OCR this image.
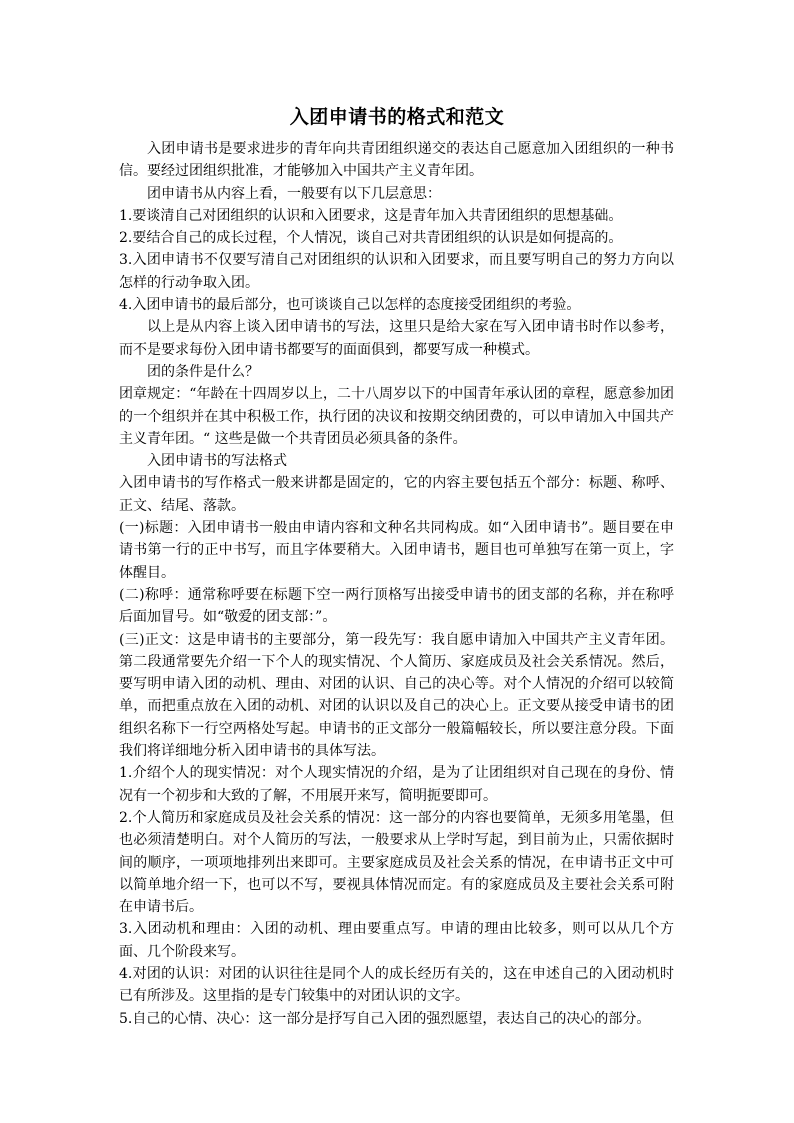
入团申请书的格式和范文

入团申请书是要求进步的青年向共青团组织递交的表达自己愿意加入团组织的一种书信。要经过团组织批准，才能够加入中国共产主义青年团。

团申请书从内容上看，一般要有以下几层意思：

1.要谈清自己对团组织的认识和入团要求，这是青年加入共青团组织的思想基础。

2.要结合自己的成长过程，个人情况，谈自己对共青团组织的认识是如何提高的。

3.入团申请书不仅要写清自己对团组织的认识和入团要求，而且要写明自己的努力方向以怎样的行动争取入团。

4.入团申请书的最后部分，也可谈谈自己以怎样的态度接受团组织的考验。

以上是从内容上谈入团申请书的写法，这里只是给大家在写入团申请书时作以参考，而不是要求每份入团申请书都要写的面面俱到，都要写成一种模式。

团的条件是什么？

团章规定：“年龄在十四周岁以上，二十八周岁以下的中国青年承认团的章程，愿意参加团的一个组织并在其中积极工作，执行团的决议和按期交纳团费的，可以申请加入中国共产主义青年团。“ 这些是做一个共青团员必须具备的条件。

入团申请书的写法格式

入团申请书的写作格式一般来讲都是固定的，它的内容主要包括五个部分：标题、称呼、正文、结尾、落款。

(一)标题：入团申请书一般由申请内容和文种名共同构成。如“入团申请书”。题目要在申请书第一行的正中书写，而且字体要稍大。入团申请书，题目也可单独写在第一页上，字体醒目。

(二)称呼：通常称呼要在标题下空一两行顶格写出接受申请书的团支部的名称，并在称呼后面加冒号。如“敬爱的团支部：”。

(三)正文：这是申请书的主要部分，第一段先写：我自愿申请加入中国共产主义青年团。第二段通常要先介绍一下个人的现实情况、个人简历、家庭成员及社会关系情况。然后，要写明申请入团的动机、理由、对团的认识、自己的决心等。对个人情况的介绍可以较简单，而把重点放在入团的动机、对团的认识以及自己的决心上。正文要从接受申请书的团组织名称下一行空两格处写起。申请书的正文部分一般篇幅较长，所以要注意分段。下面我们将详细地分析入团申请书的具体写法。

1.介绍个人的现实情况：对个人现实情况的介绍，是为了让团组织对自己现在的身份、情况有一个初步和大致的了解，不用展开来写，简明扼要即可。

2.个人简历和家庭成员及社会关系的情况：这一部分的内容也要简单，无须多用笔墨，但也必须清楚明白。对个人简历的写法，一般要求从上学时写起，到目前为止，只需依据时间的顺序，一项项地排列出来即可。主要家庭成员及社会关系的情况，在申请书正文中可以简单地介绍一下，也可以不写，要视具体情况而定。有的家庭成员及主要社会关系可附在申请书后。

3.入团动机和理由：入团的动机、理由要重点写。申请的理由比较多，则可以从几个方面、几个阶段来写。

4.对团的认识：对团的认识往往是同个人的成长经历有关的，这在申述自己的入团动机时已有所涉及。这里指的是专门较集中的对团认识的文字。

5.自己的心情、决心：这一部分是抒写自己入团的强烈愿望，表达自己的决心的部分。
